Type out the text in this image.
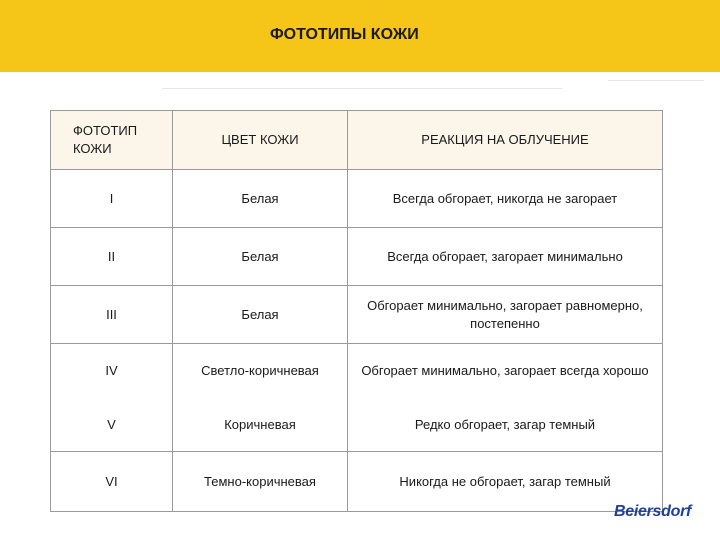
ФОТОТИПЫ КОЖИ
ФОТОТИП КОЖИ	ЦВЕТ КОЖИ	РЕАКЦИЯ НА ОБЛУЧЕНИЕ
I	Белая	Всегда обгорает, никогда не загорает
II	Белая	Всегда обгорает, загорает минимально
III	Белая	Обгорает минимально, загорает равномерно, постепенно
IV	Светло-коричневая	Обгорает минимально, загорает всегда хорошо
V	Коричневая	Редко обгорает, загар темный
VI	Темно-коричневая	Никогда не обгорает, загар темный
Beiersdorf
